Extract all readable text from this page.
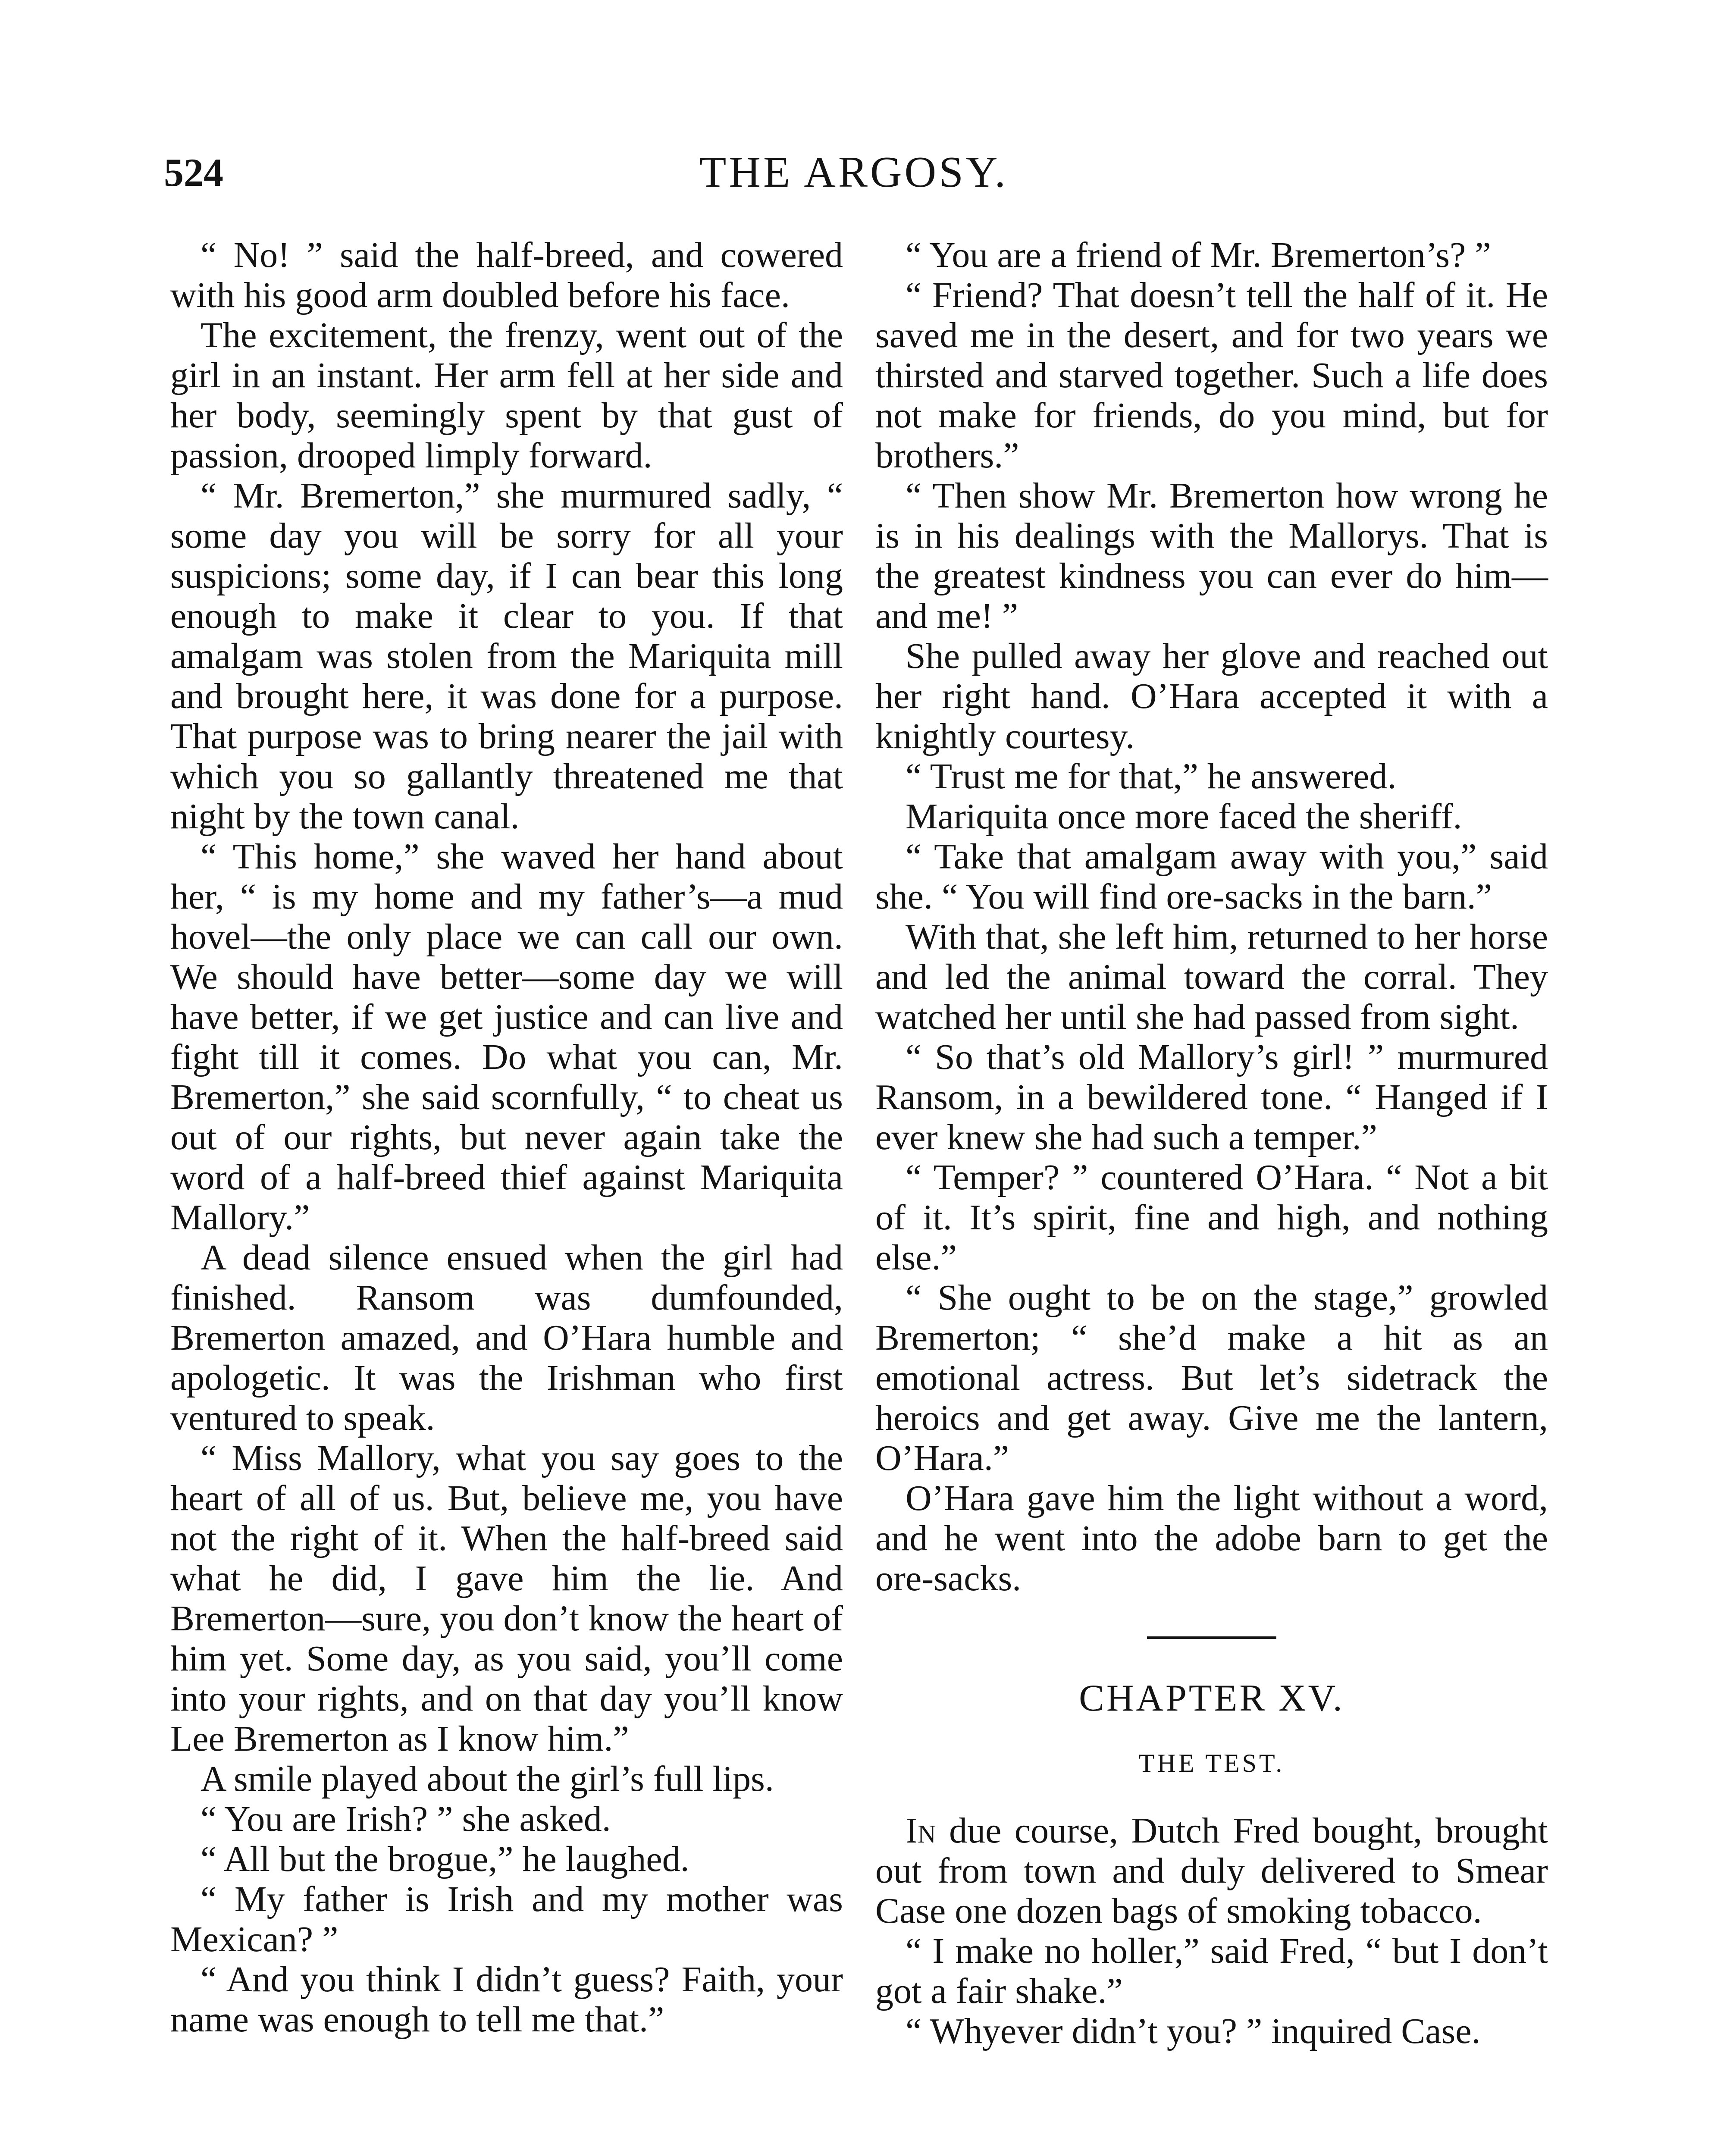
524	THE ARGOSY.

“ No! ” said the half-breed, and cowered with his good arm doubled before his face.

The excitement, the frenzy, went out of the girl in an instant. Her arm fell at her side and her body, seemingly spent by that gust of passion, drooped limply forward.

“ Mr. Bremerton,” she murmured sadly, “ some day you will be sorry for all your suspicions; some day, if I can bear this long enough to make it clear to you. If that amalgam was stolen from the Mariquita mill and brought here, it was done for a purpose. That purpose was to bring nearer the jail with which you so gallantly threatened me that night by the town canal.

“ This home,” she waved her hand about her, “ is my home and my father’s—a mud hovel—the only place we can call our own. We should have better—some day we will have better, if we get justice and can live and fight till it comes. Do what you can, Mr. Bremerton,” she said scornfully, “ to cheat us out of our rights, but never again take the word of a half-breed thief against Mariquita Mallory.”

A dead silence ensued when the girl had finished. Ransom was dumfounded, Bremerton amazed, and O’Hara humble and apologetic. It was the Irishman who first ventured to speak.

“ Miss Mallory, what you say goes to the heart of all of us. But, believe me, you have not the right of it. When the half-breed said what he did, I gave him the lie. And Bremerton—sure, you don’t know the heart of him yet. Some day, as you said, you’ll come into your rights, and on that day you’ll know Lee Bremerton as I know him.”

A smile played about the girl’s full lips.

“ You are Irish? ” she asked.

“ All but the brogue,” he laughed.

“ My father is Irish and my mother was Mexican? ”

“ And you think I didn’t guess? Faith, your name was enough to tell me that.”

“ You are a friend of Mr. Bremerton’s? ”

“ Friend? That doesn’t tell the half of it. He saved me in the desert, and for two years we thirsted and starved together. Such a life does not make for friends, do you mind, but for brothers.”

“ Then show Mr. Bremerton how wrong he is in his dealings with the Mallorys. That is the greatest kindness you can ever do him—and me! ”

She pulled away her glove and reached out her right hand. O’Hara accepted it with a knightly courtesy.

“ Trust me for that,” he answered.

Mariquita once more faced the sheriff.

“ Take that amalgam away with you,” said she. “ You will find ore-sacks in the barn.”

With that, she left him, returned to her horse and led the animal toward the corral. They watched her until she had passed from sight.

“ So that’s old Mallory’s girl! ” murmured Ransom, in a bewildered tone. “ Hanged if I ever knew she had such a temper.”

“ Temper? ” countered O’Hara. “ Not a bit of it. It’s spirit, fine and high, and nothing else.”

“ She ought to be on the stage,” growled Bremerton; “ she’d make a hit as an emotional actress. But let’s sidetrack the heroics and get away. Give me the lantern, O’Hara.”

O’Hara gave him the light without a word, and he went into the adobe barn to get the ore-sacks.

CHAPTER XV.
THE TEST.

In due course, Dutch Fred bought, brought out from town and duly delivered to Smear Case one dozen bags of smoking tobacco.

“ I make no holler,” said Fred, “ but I don’t got a fair shake.”

“ Whyever didn’t you? ” inquired Case.
